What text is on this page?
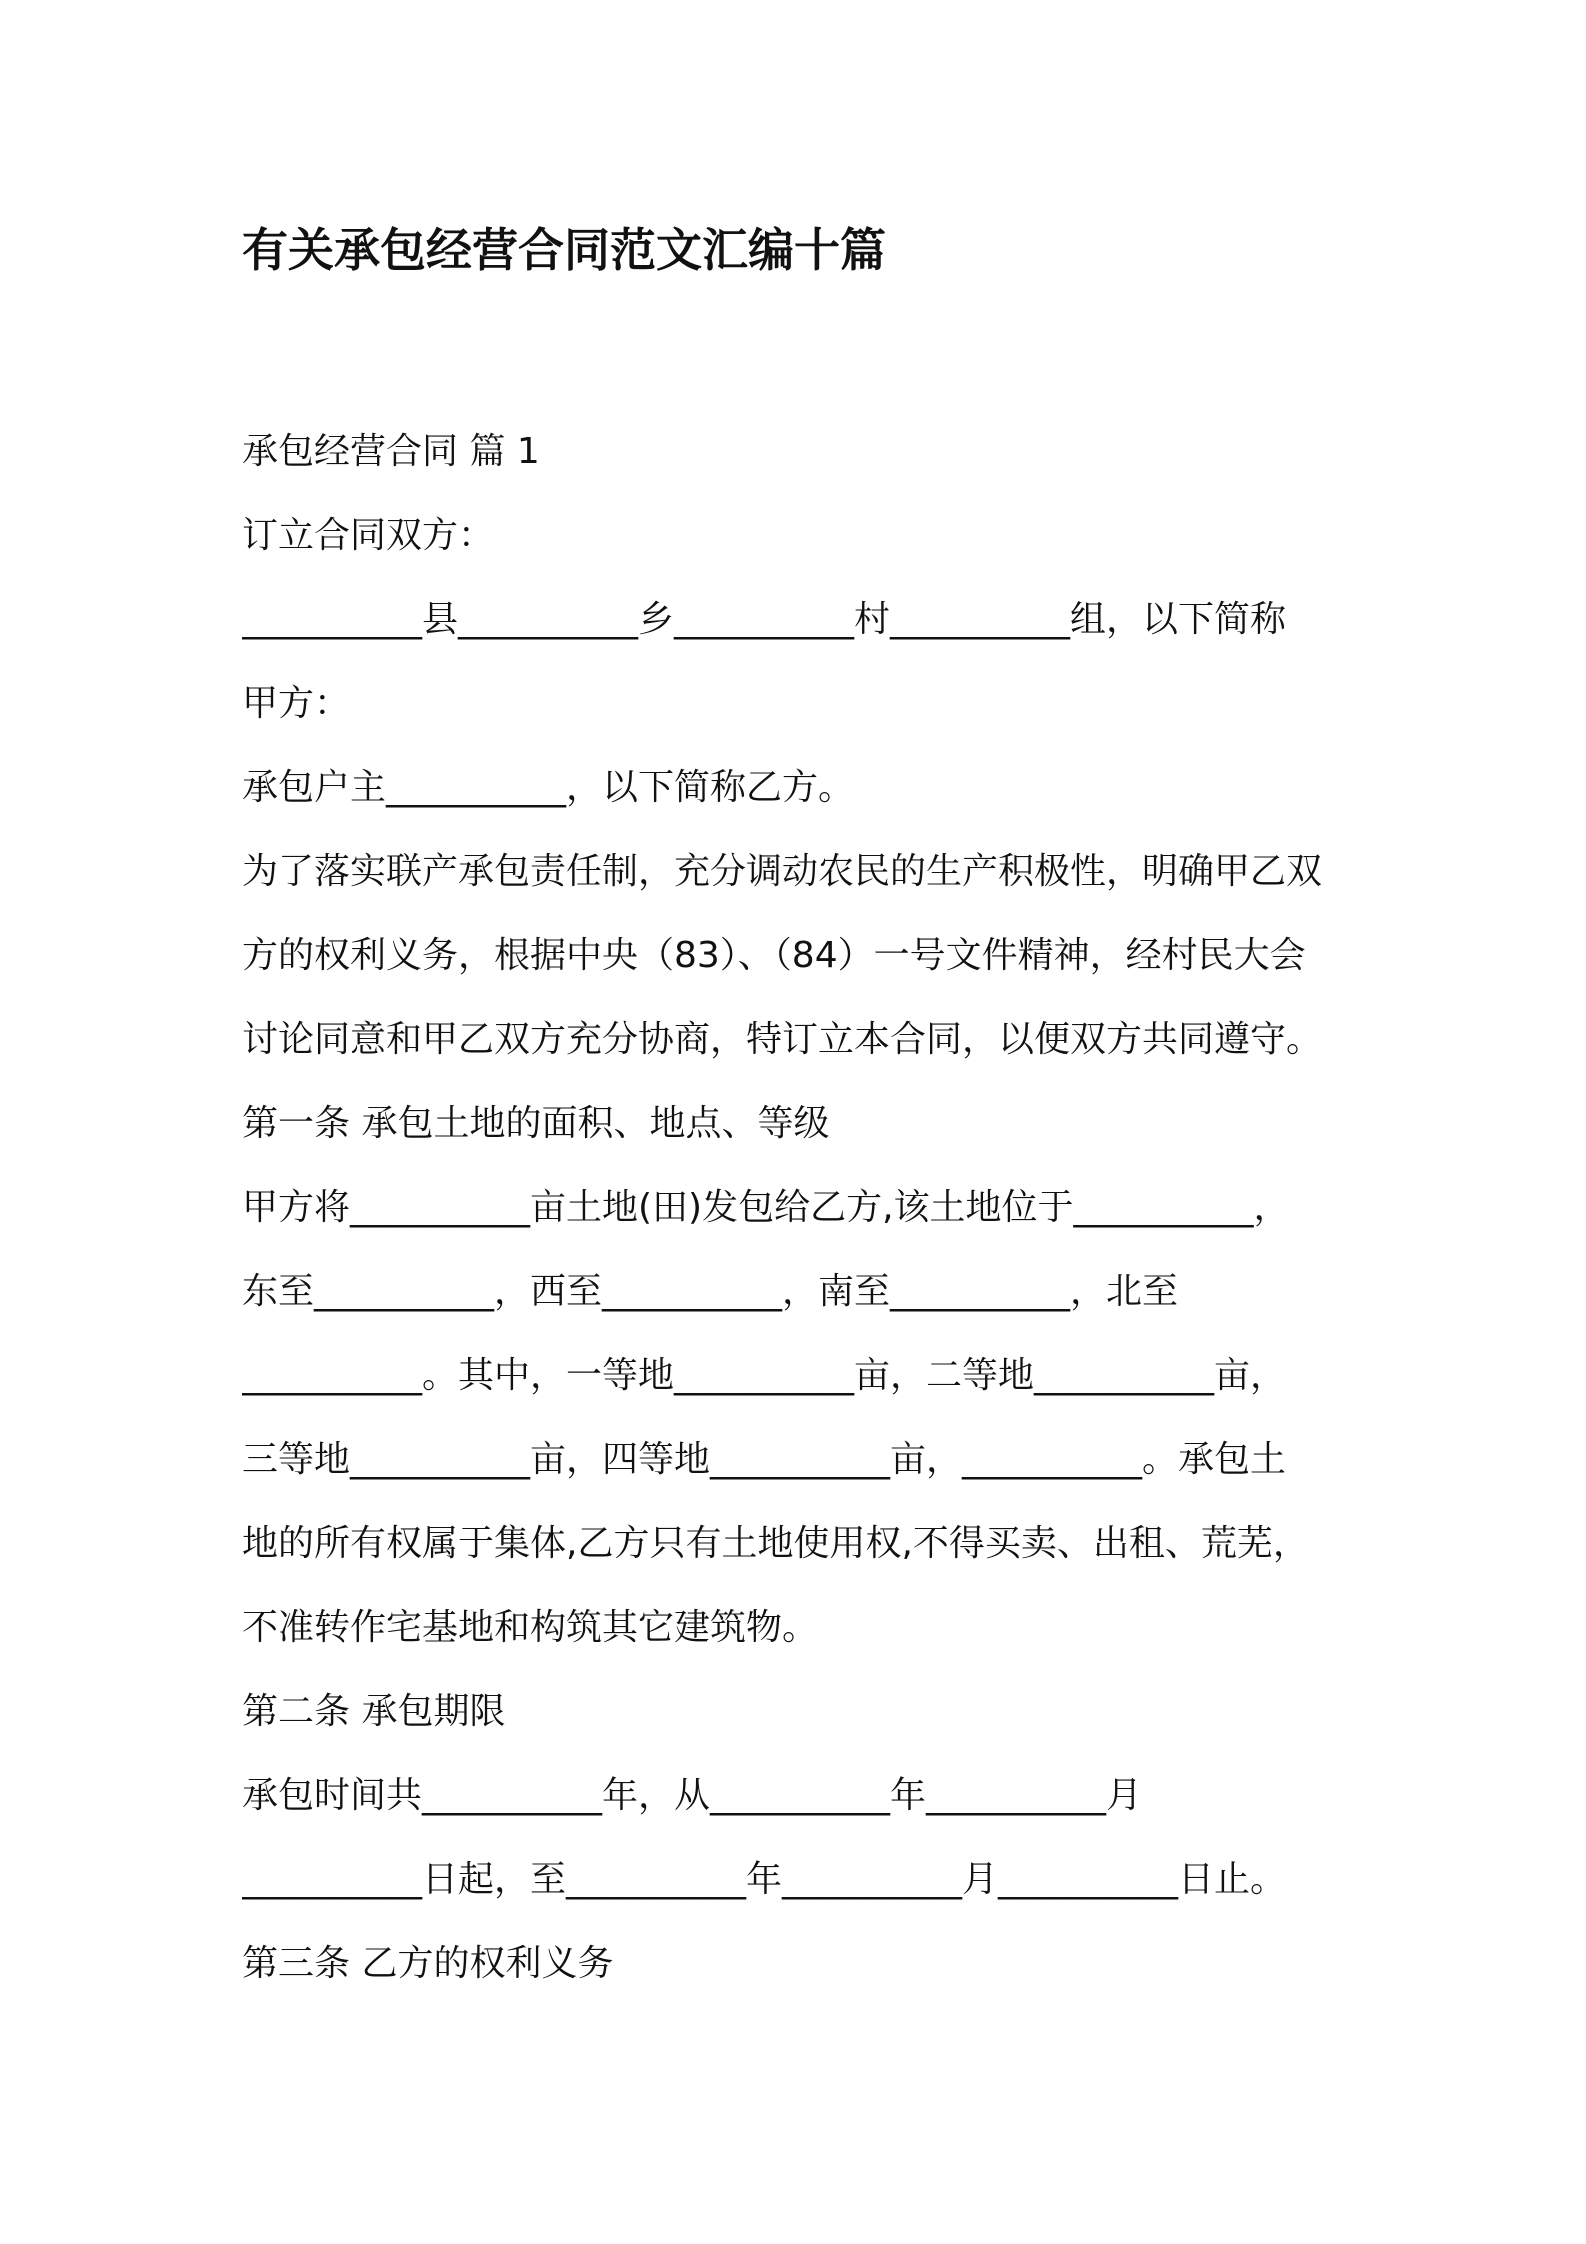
有关承包经营合同范文汇编十篇
承包经营合同 篇 1
订立合同双方：
__________县__________乡__________村__________组，以下简称
甲方：
承包户主__________，以下简称乙方。
为了落实联产承包责任制，充分调动农民的生产积极性，明确甲乙双
方的权利义务，根据中央（83）、（84）一号文件精神，经村民大会
讨论同意和甲乙双方充分协商，特订立本合同，以便双方共同遵守。
第一条 承包土地的面积、地点、等级
甲方将__________亩土地(田)发包给乙方,该土地位于__________，
东至__________，西至__________，南至__________，北至
__________。其中，一等地__________亩，二等地__________亩，
三等地__________亩，四等地__________亩，__________。承包土
地的所有权属于集体,乙方只有土地使用权,不得买卖、出租、荒芜，
不准转作宅基地和构筑其它建筑物。
第二条 承包期限
承包时间共__________年，从__________年__________月
__________日起，至__________年__________月__________日止。
第三条 乙方的权利义务
